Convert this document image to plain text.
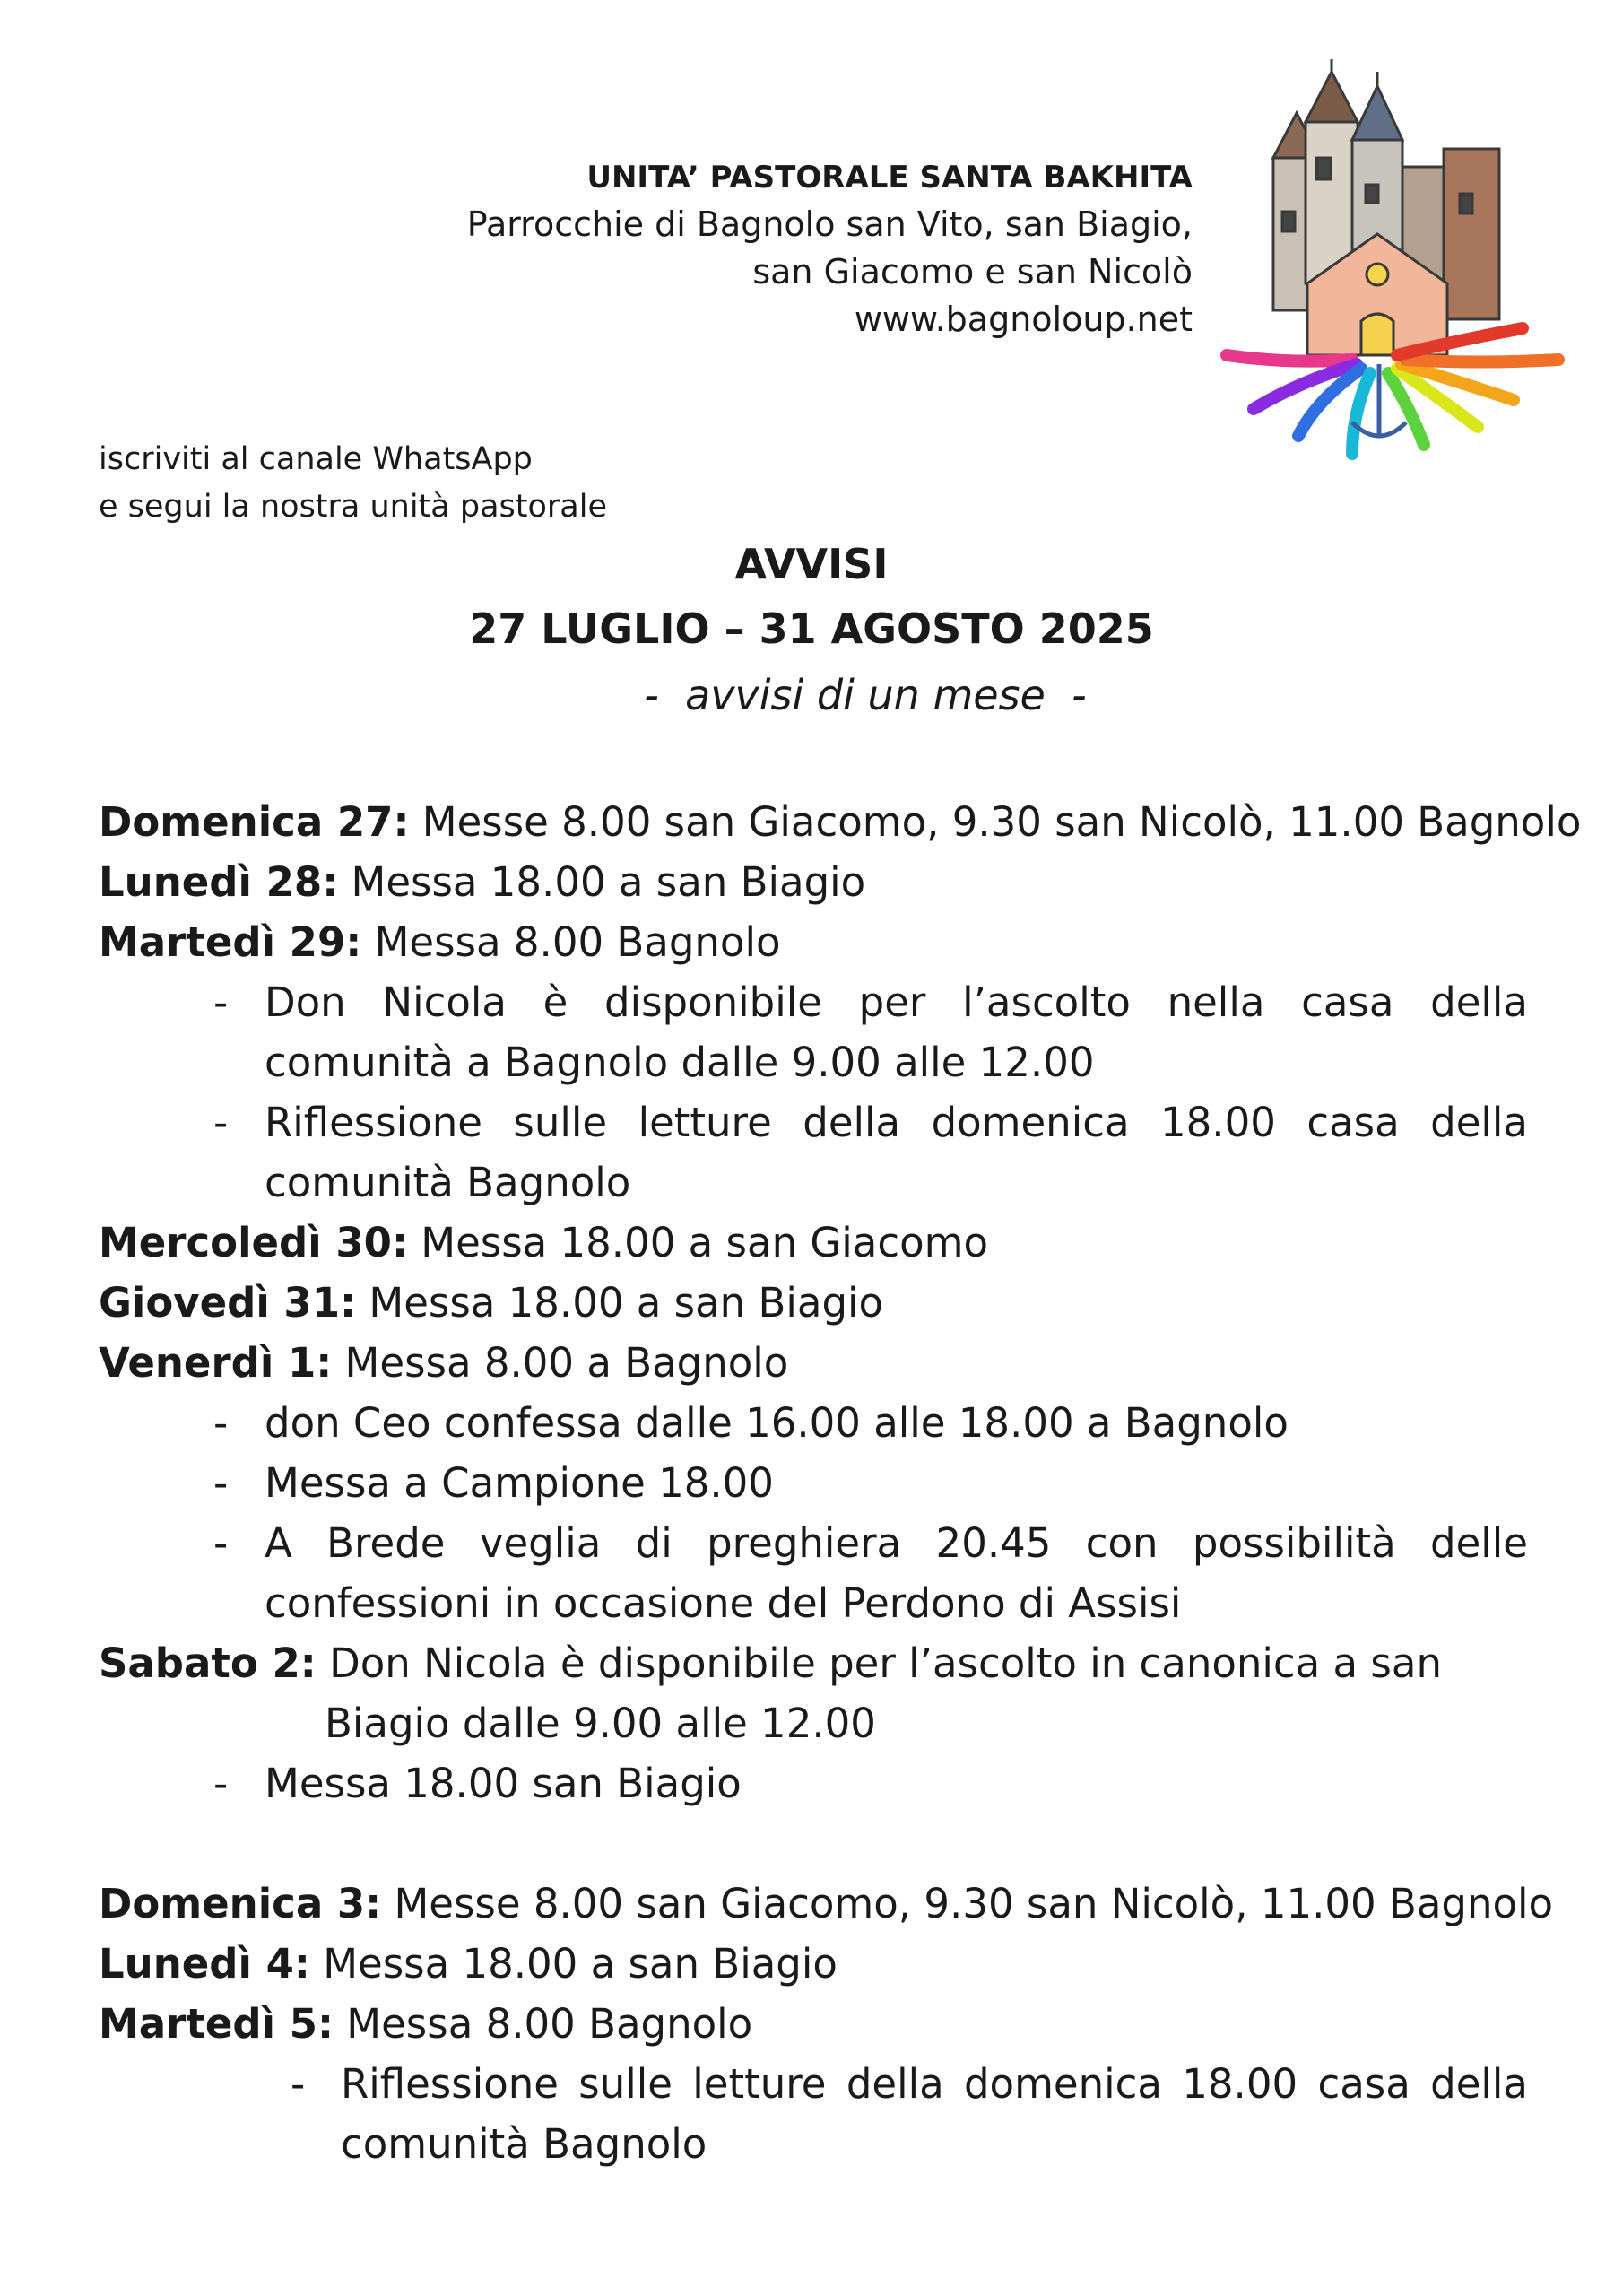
UNITA’ PASTORALE SANTA BAKHITA
Parrocchie di Bagnolo san Vito, san Biagio,
san Giacomo e san Nicolò
www.bagnoloup.net
iscriviti al canale WhatsApp
e segui la nostra unità pastorale
AVVISI
27 LUGLIO – 31 AGOSTO 2025
-  avvisi di un mese  -
Domenica 27: Messe 8.00 san Giacomo, 9.30 san Nicolò, 11.00 Bagnolo
Lunedì 28: Messa 18.00 a san Biagio
Martedì 29: Messa 8.00 Bagnolo
- Don Nicola è disponibile per l’ascolto nella casa della comunità a Bagnolo dalle 9.00 alle 12.00
- Riflessione sulle letture della domenica 18.00 casa della comunità Bagnolo
Mercoledì 30: Messa 18.00 a san Giacomo
Giovedì 31: Messa 18.00 a san Biagio
Venerdì 1: Messa 8.00 a Bagnolo
- don Ceo confessa dalle 16.00 alle 18.00 a Bagnolo
- Messa a Campione 18.00
- A Brede veglia di preghiera 20.45 con possibilità delle confessioni in occasione del Perdono di Assisi
Sabato 2: Don Nicola è disponibile per l’ascolto in canonica a san
Biagio dalle 9.00 alle 12.00
- Messa 18.00 san Biagio
Domenica 3: Messe 8.00 san Giacomo, 9.30 san Nicolò, 11.00 Bagnolo
Lunedì 4: Messa 18.00 a san Biagio
Martedì 5: Messa 8.00 Bagnolo
- Riflessione sulle letture della domenica 18.00 casa della comunità Bagnolo
